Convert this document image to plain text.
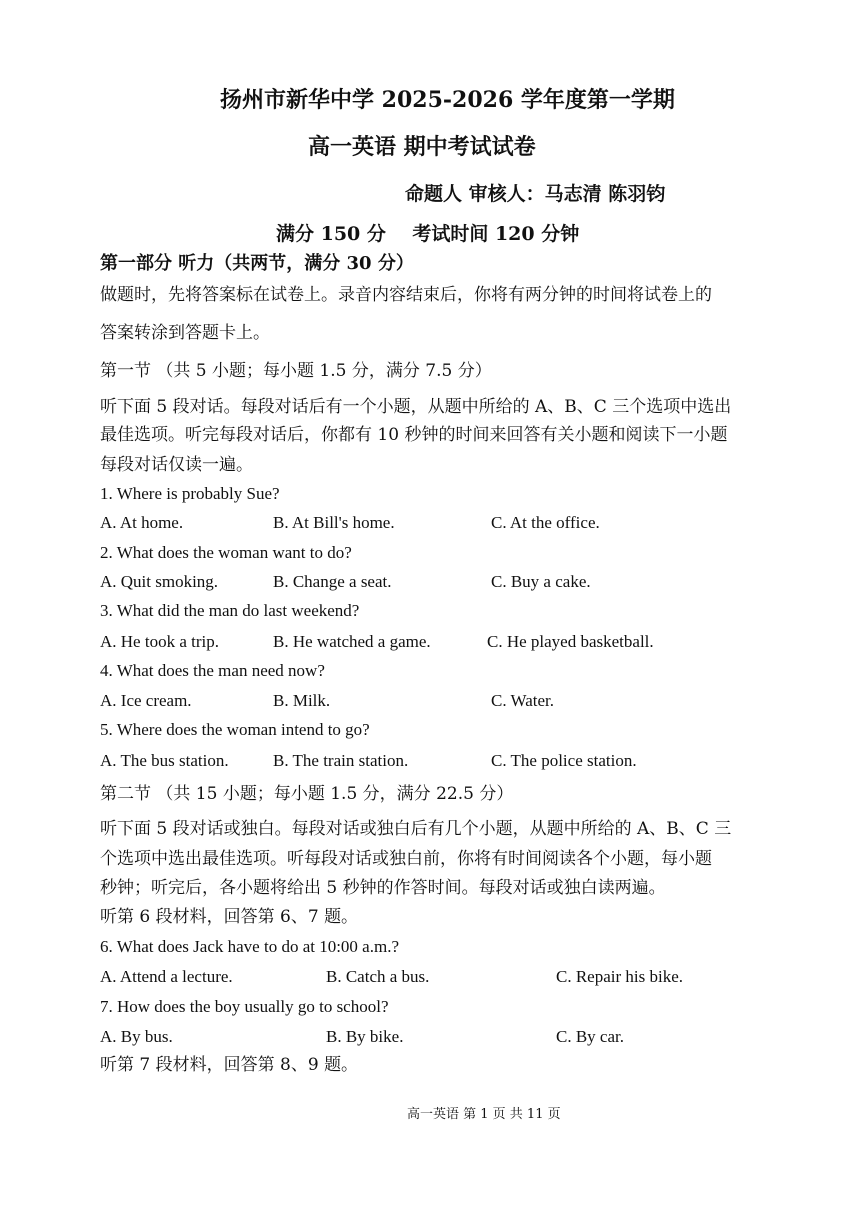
扬州市新华中学 2025-2026 学年度第一学期
高一英语 期中考试试卷
命题人 审核人：马志清 陈羽钧
满分 150 分    考试时间 120 分钟
第一部分 听力（共两节，满分 30 分）
做题时，先将答案标在试卷上。录音内容结束后，你将有两分钟的时间将试卷上的
答案转涂到答题卡上。
第一节 （共 5 小题；每小题 1.5 分，满分 7.5 分）
听下面 5 段对话。每段对话后有一个小题，从题中所给的 A、B、C 三个选项中选出
最佳选项。听完每段对话后，你都有 10 秒钟的时间来回答有关小题和阅读下一小题
每段对话仅读一遍。
1. Where is probably Sue?
A. At home.	B. At Bill's home.	C. At the office.
2. What does the woman want to do?
A. Quit smoking.	B. Change a seat.	C. Buy a cake.
3. What did the man do last weekend?
A. He took a trip.	B. He watched a game.	C. He played basketball.
4. What does the man need now?
A. Ice cream.	B. Milk.	C. Water.
5. Where does the woman intend to go?
A. The bus station.	B. The train station.	C. The police station.
第二节 （共 15 小题；每小题 1.5 分，满分 22.5 分）
听下面 5 段对话或独白。每段对话或独白后有几个小题，从题中所给的 A、B、C 三
个选项中选出最佳选项。听每段对话或独白前，你将有时间阅读各个小题，每小题
秒钟；听完后，各小题将给出 5 秒钟的作答时间。每段对话或独白读两遍。
听第 6 段材料，回答第 6、7 题。
6. What does Jack have to do at 10:00 a.m.?
A. Attend a lecture.	B. Catch a bus.	C. Repair his bike.
7. How does the boy usually go to school?
A. By bus.	B. By bike.	C. By car.
听第 7 段材料，回答第 8、9 题。
高一英语 第 1 页 共 11 页
